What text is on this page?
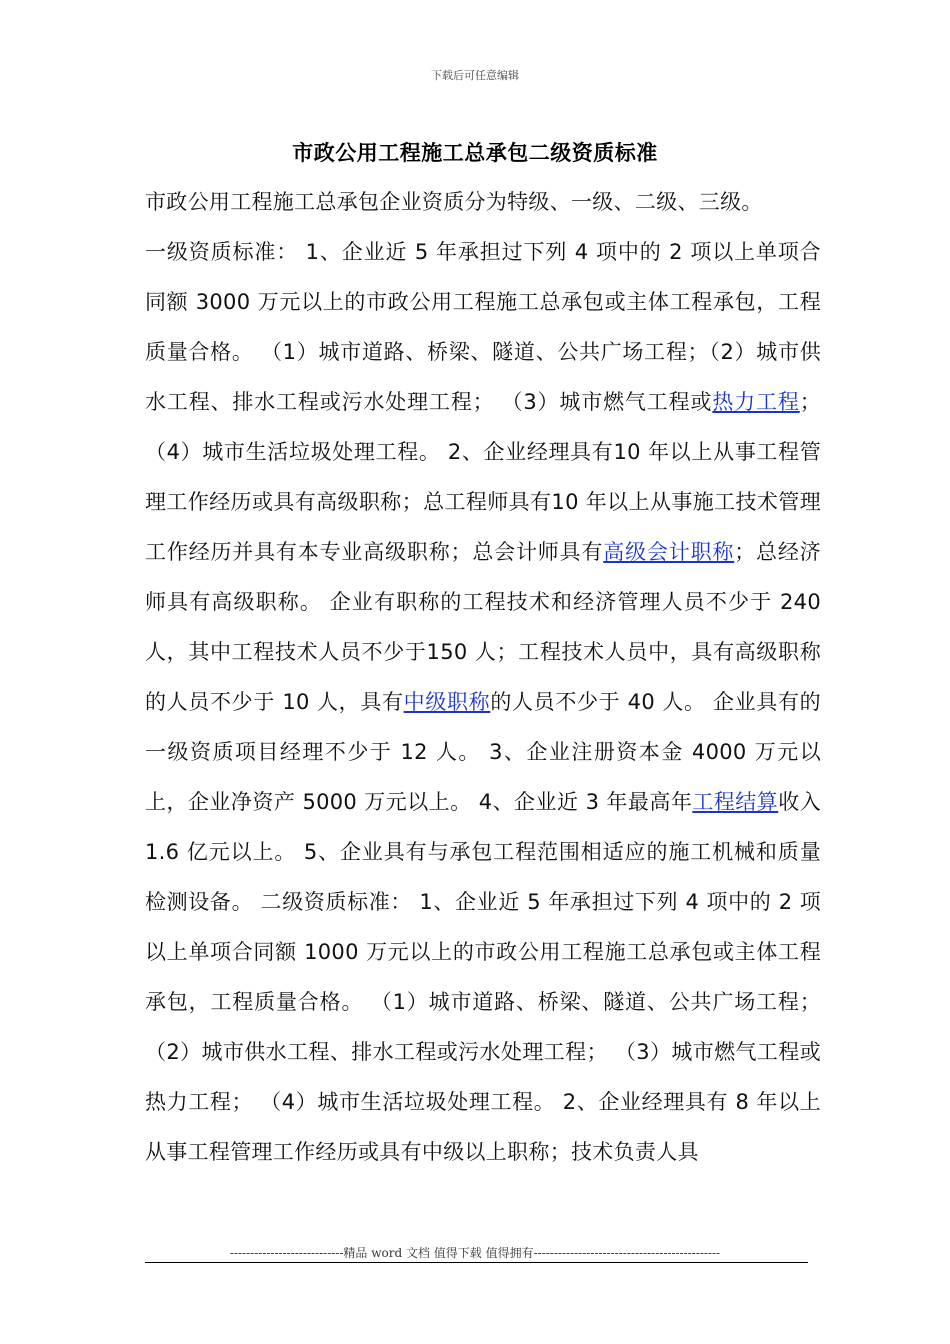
下载后可任意编辑
市政公用工程施工总承包二级资质标准

市政公用工程施工总承包企业资质分为特级、一级、二级、三级。

一级资质标准： 1、企业近 5 年承担过下列 4 项中的 2 项以上单项合同额 3000 万元以上的市政公用工程施工总承包或主体工程承包，工程质量合格。 （1）城市道路、桥梁、隧道、公共广场工程；（2）城市供水工程、排水工程或污水处理工程； （3）城市燃气工程或热力工程； （4）城市生活垃圾处理工程。 2、企业经理具有10 年以上从事工程管理工作经历或具有高级职称；总工程师具有10 年以上从事施工技术管理工作经历并具有本专业高级职称；总会计师具有高级会计职称；总经济师具有高级职称。 企业有职称的工程技术和经济管理人员不少于 240 人，其中工程技术人员不少于150 人；工程技术人员中，具有高级职称的人员不少于 10 人，具有中级职称的人员不少于 40 人。 企业具有的一级资质项目经理不少于 12 人。 3、企业注册资本金 4000 万元以上，企业净资产 5000 万元以上。 4、企业近 3 年最高年工程结算收入 1.6 亿元以上。 5、企业具有与承包工程范围相适应的施工机械和质量检测设备。 二级资质标准： 1、企业近 5 年承担过下列 4 项中的 2 项以上单项合同额 1000 万元以上的市政公用工程施工总承包或主体工程承包，工程质量合格。 （1）城市道路、桥梁、隧道、公共广场工程；（2）城市供水工程、排水工程或污水处理工程； （3）城市燃气工程或热力工程； （4）城市生活垃圾处理工程。 2、企业经理具有 8 年以上从事工程管理工作经历或具有中级以上职称；技术负责人具

----------------------------精品 word 文档 值得下载 值得拥有----------------------------------------------
